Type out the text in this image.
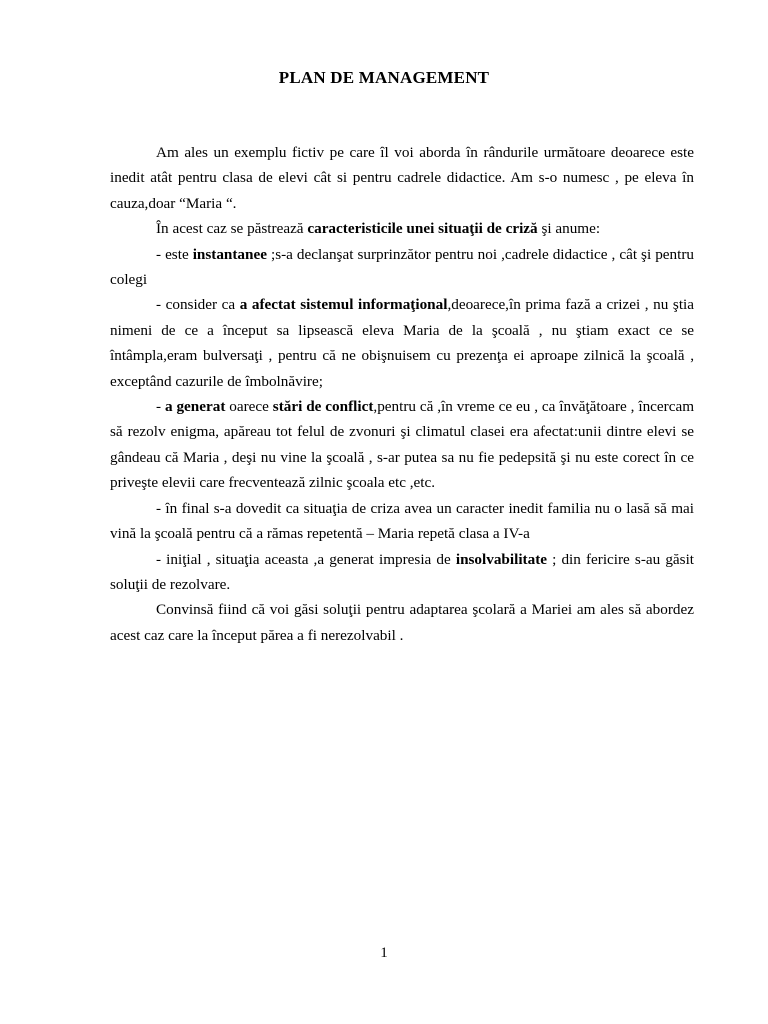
PLAN DE MANAGEMENT

Am ales un exemplu fictiv pe care îl voi aborda în rândurile următoare deoarece este inedit atât pentru clasa de elevi cât si pentru cadrele didactice. Am s-o numesc , pe eleva în cauza,doar “Maria “.

În acest caz se păstrează caracteristicile unei situaţii de criză şi anume:

- este instantanee ;s-a declanşat surprinzător pentru noi ,cadrele didactice , cât şi pentru colegi

- consider ca a afectat sistemul informaţional,deoarece,în prima fază a crizei , nu ştia nimeni de ce a început sa lipsească eleva Maria de la şcoală , nu ştiam exact ce se întâmpla,eram bulversaţi , pentru că ne obişnuisem cu prezenţa ei aproape zilnică la şcoală , exceptând cazurile de îmbolnăvire;

- a generat oarece stări de conflict,pentru că ,în vreme ce eu , ca învăţătoare , încercam să rezolv enigma, apăreau tot felul de zvonuri şi climatul clasei era afectat:unii dintre elevi se gândeau că Maria , deşi nu vine la şcoală , s-ar putea sa nu fie pedepsită şi nu este corect în ce priveşte elevii care frecventează zilnic şcoala etc ,etc.

- în final s-a dovedit ca situaţia de criza avea un caracter inedit familia nu o lasă să mai vină la şcoală pentru că a rămas repetentă – Maria repetă clasa a IV-a

- iniţial , situaţia aceasta ,a generat impresia de insolvabilitate ; din fericire s-au găsit soluţii de rezolvare.

Convinsă fiind că voi găsi soluţii pentru adaptarea şcolară a Mariei am ales să abordez acest caz care la început părea a fi nerezolvabil .

1
